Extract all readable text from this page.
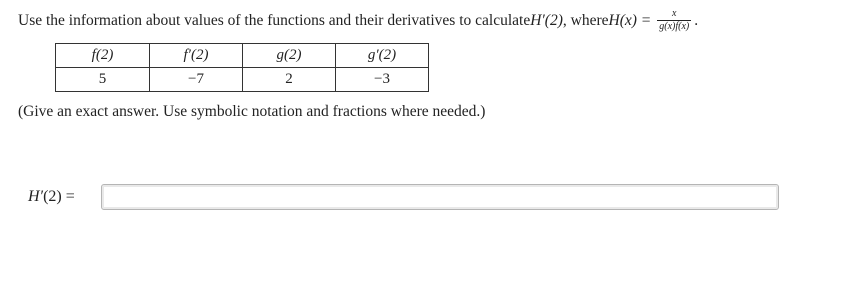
Use the information about values of the functions and their derivatives to calculate H′(2) , where $H(x) = \frac{x}{g(x)f(x)}$ .
f(2)	f′(2)	g(2)	g′(2)
5	−7	2	−3
(Give an exact answer. Use symbolic notation and fractions where needed.)
H′(2) =
